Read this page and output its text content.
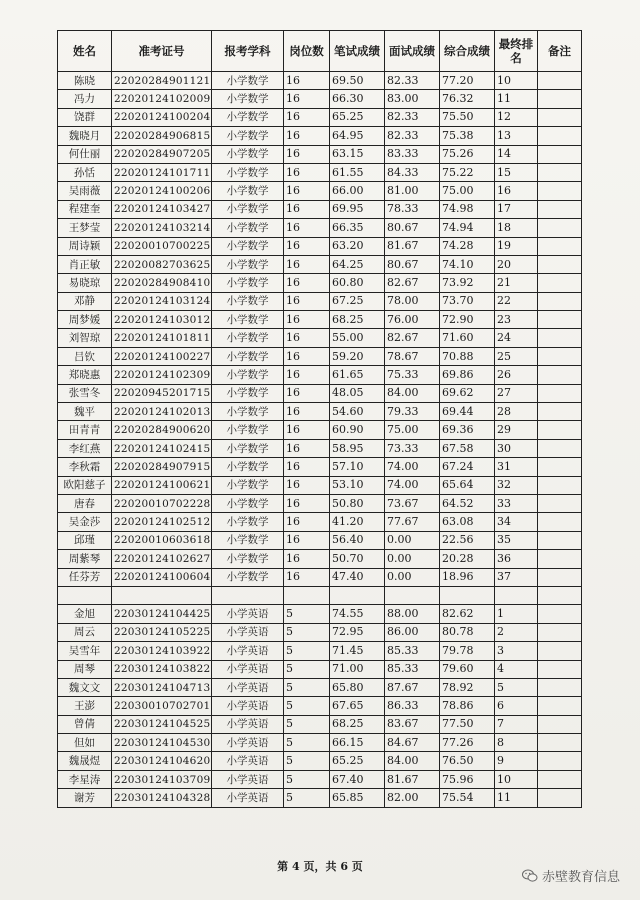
姓名	准考证号	报考学科	岗位数	笔试成绩	面试成绩	综合成绩	最终排名	备注
陈晓	22020284901121	小学数学	16	69.50	82.33	77.20	10	
冯力	22020124102009	小学数学	16	66.30	83.00	76.32	11	
饶群	22020124100204	小学数学	16	65.25	82.33	75.50	12	
魏晓月	22020284906815	小学数学	16	64.95	82.33	75.38	13	
何仕丽	22020284907205	小学数学	16	63.15	83.33	75.26	14	
孙恬	22020124101711	小学数学	16	61.55	84.33	75.22	15	
吴雨薇	22020124100206	小学数学	16	66.00	81.00	75.00	16	
程建奎	22020124103427	小学数学	16	69.95	78.33	74.98	17	
王梦莹	22020124103214	小学数学	16	66.35	80.67	74.94	18	
周诗颖	22020010700225	小学数学	16	63.20	81.67	74.28	19	
肖正敏	22020082703625	小学数学	16	64.25	80.67	74.10	20	
易晓琼	22020284908410	小学数学	16	60.80	82.67	73.92	21	
邓静	22020124103124	小学数学	16	67.25	78.00	73.70	22	
周梦媛	22020124103012	小学数学	16	68.25	76.00	72.90	23	
刘智琼	22020124101811	小学数学	16	55.00	82.67	71.60	24	
吕钦	22020124100227	小学数学	16	59.20	78.67	70.88	25	
郑晓惠	22020124102309	小学数学	16	61.65	75.33	69.86	26	
张雪冬	22020945201715	小学数学	16	48.05	84.00	69.62	27	
魏平	22020124102013	小学数学	16	54.60	79.33	69.44	28	
田青青	22020284900620	小学数学	16	60.90	75.00	69.36	29	
李红燕	22020124102415	小学数学	16	58.95	73.33	67.58	30	
李秋霜	22020284907915	小学数学	16	57.10	74.00	67.24	31	
欧阳慈子	22020124100621	小学数学	16	53.10	74.00	65.64	32	
唐春	22020010702228	小学数学	16	50.80	73.67	64.52	33	
吴金莎	22020124102512	小学数学	16	41.20	77.67	63.08	34	
邱瑾	22020010603618	小学数学	16	56.40	0.00	22.56	35	
周紫琴	22020124102627	小学数学	16	50.70	0.00	20.28	36	
任芬芳	22020124100604	小学数学	16	47.40	0.00	18.96	37	

金旭	22030124104425	小学英语	5	74.55	88.00	82.62	1	
周云	22030124105225	小学英语	5	72.95	86.00	80.78	2	
吴雪年	22030124103922	小学英语	5	71.45	85.33	79.78	3	
周琴	22030124103822	小学英语	5	71.00	85.33	79.60	4	
魏文文	22030124104713	小学英语	5	65.80	87.67	78.92	5	
王澎	22030010702701	小学英语	5	67.65	86.33	78.86	6	
曾倩	22030124104525	小学英语	5	68.25	83.67	77.50	7	
但如	22030124104530	小学英语	5	66.15	84.67	77.26	8	
魏晟煜	22030124104620	小学英语	5	65.25	84.00	76.50	9	
李星涛	22030124103709	小学英语	5	67.40	81.67	75.96	10	
谢芳	22030124104328	小学英语	5	65.85	82.00	75.54	11	
第 4 页，共 6 页
赤壁教育信息
